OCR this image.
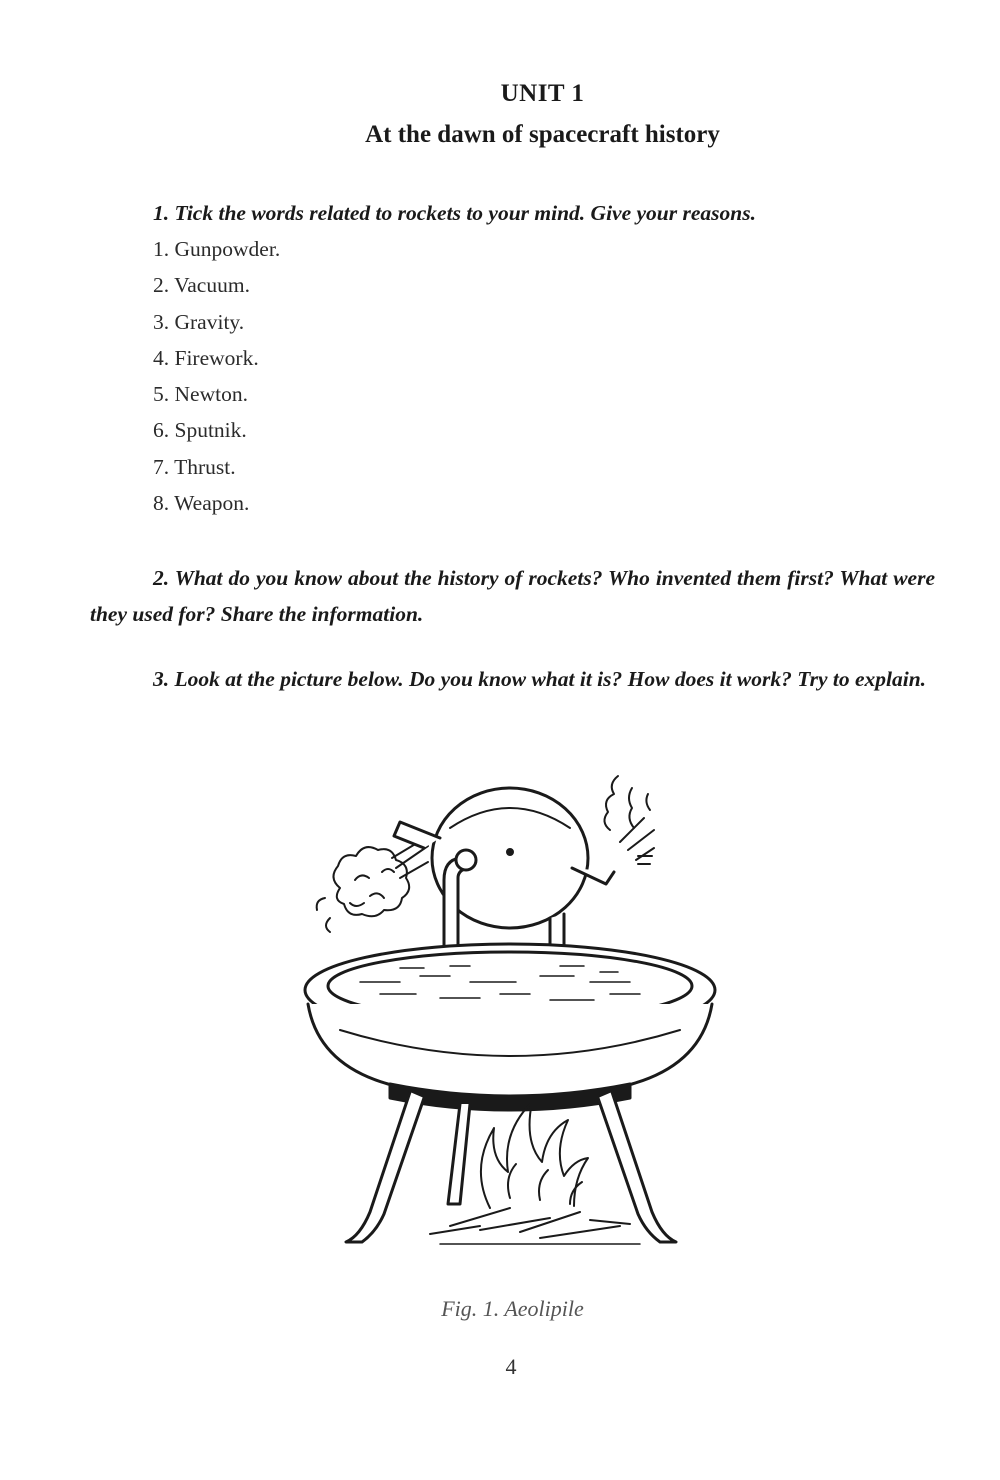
UNIT 1
At the dawn of spacecraft history

1. Tick the words related to rockets to your mind. Give your reasons.

1. Gunpowder.
2. Vacuum.
3. Gravity.
4. Firework.
5. Newton.
6. Sputnik.
7. Thrust.
8. Weapon.

2. What do you know about the history of rockets? Who invented them first? What were they used for? Share the information.

3. Look at the picture below. Do you know what it is? How does it work? Try to explain.

Fig. 1. Aeolipile
4
